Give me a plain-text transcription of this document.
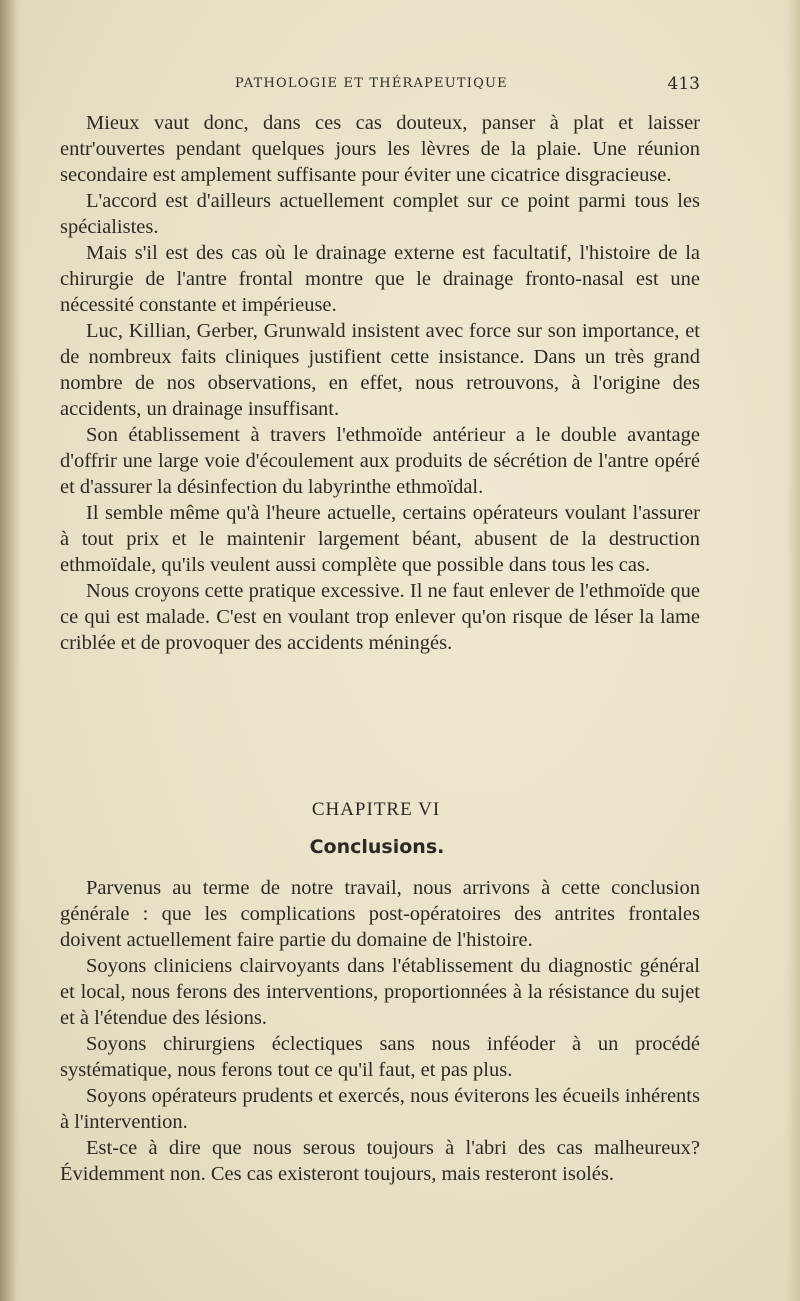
PATHOLOGIE ET THÉRAPEUTIQUE	413

Mieux vaut donc, dans ces cas douteux, panser à plat et laisser entr'ouvertes pendant quelques jours les lèvres de la plaie. Une réunion secondaire est amplement suffisante pour éviter une cicatrice disgracieuse.

L'accord est d'ailleurs actuellement complet sur ce point parmi tous les spécialistes.

Mais s'il est des cas où le drainage externe est facultatif, l'histoire de la chirurgie de l'antre frontal montre que le drainage fronto-nasal est une nécessité constante et impérieuse.

Luc, Killian, Gerber, Grunwald insistent avec force sur son importance, et de nombreux faits cliniques justifient cette insistance. Dans un très grand nombre de nos observations, en effet, nous retrouvons, à l'origine des accidents, un drainage insuffisant.

Son établissement à travers l'ethmoïde antérieur a le double avantage d'offrir une large voie d'écoulement aux produits de sécrétion de l'antre opéré et d'assurer la désinfection du labyrinthe ethmoïdal.

Il semble même qu'à l'heure actuelle, certains opérateurs voulant l'assurer à tout prix et le maintenir largement béant, abusent de la destruction ethmoïdale, qu'ils veulent aussi complète que possible dans tous les cas.

Nous croyons cette pratique excessive. Il ne faut enlever de l'ethmoïde que ce qui est malade. C'est en voulant trop enlever qu'on risque de léser la lame criblée et de provoquer des accidents méningés.

CHAPITRE VI
Conclusions.

Parvenus au terme de notre travail, nous arrivons à cette conclusion générale : que les complications post-opératoires des antrites frontales doivent actuellement faire partie du domaine de l'histoire.

Soyons cliniciens clairvoyants dans l'établissement du diagnostic général et local, nous ferons des interventions, proportionnées à la résistance du sujet et à l'étendue des lésions.

Soyons chirurgiens éclectiques sans nous inféoder à un procédé systématique, nous ferons tout ce qu'il faut, et pas plus.

Soyons opérateurs prudents et exercés, nous éviterons les écueils inhérents à l'intervention.

Est-ce à dire que nous serous toujours à l'abri des cas malheureux? Évidemment non. Ces cas existeront toujours, mais resteront isolés.
